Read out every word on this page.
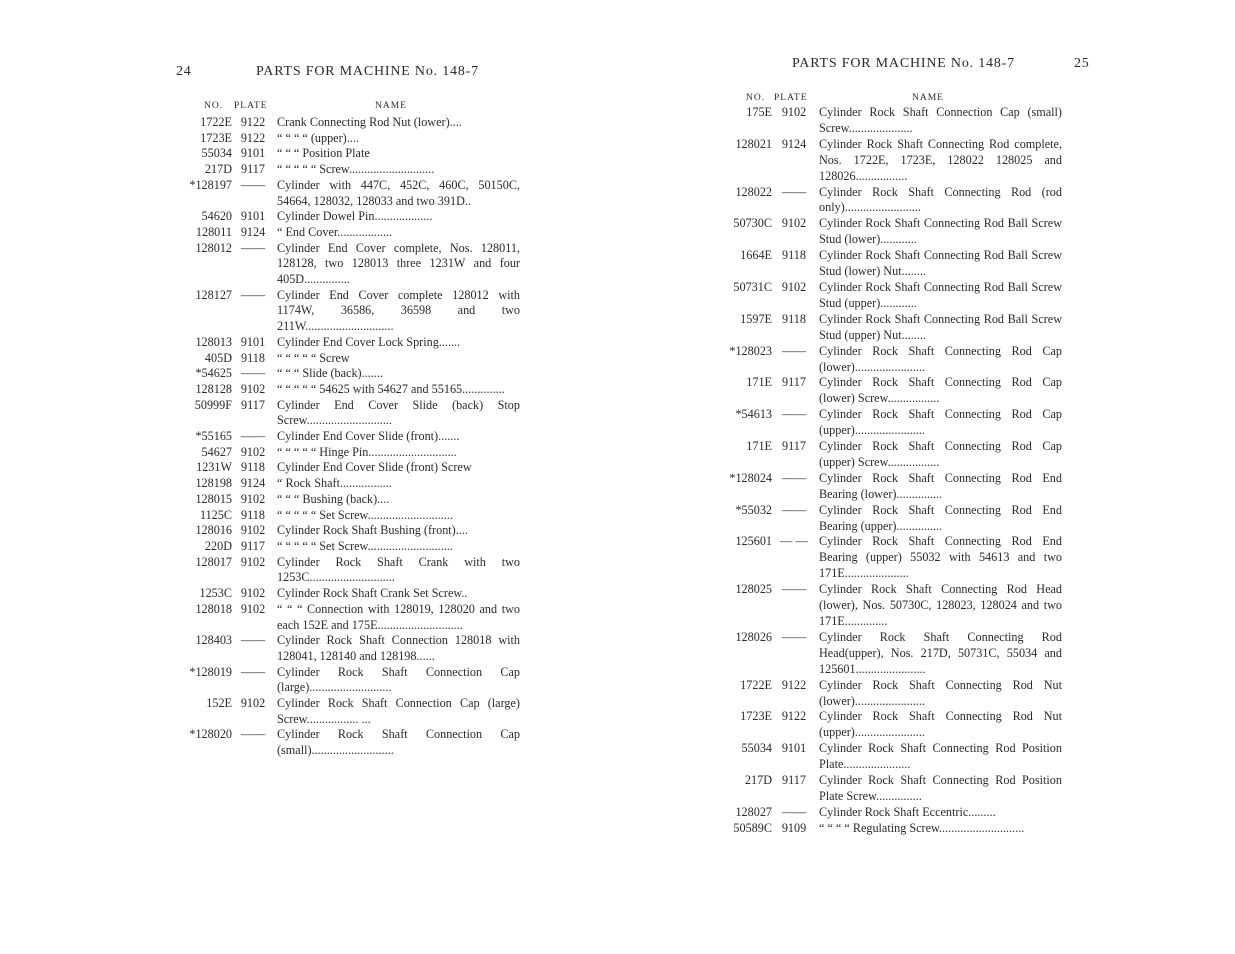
24	PARTS FOR MACHINE No. 148-7
NO. PLATE	NAME
1722E 9122 Crank Connecting Rod Nut (lower)....
1723E 9122 “ “ “ “ (upper)....
55034 9101 “ “ “ Position Plate
217D 9117 “ “ “ “ “ Screw............................
*128197 —— Cylinder with 447C, 452C, 460C, 50150C, 54664, 128032, 128033 and two 391D..
54620 9101 Cylinder Dowel Pin...................
128011 9124 “ End Cover..................
128012 —— Cylinder End Cover complete, Nos. 128011, 128128, two 128013 three 1231W and four 405D...............
128127 —— Cylinder End Cover complete 128012 with 1174W, 36586, 36598 and two 211W.............................
128013 9101 Cylinder End Cover Lock Spring.......
405D 9118 “ “ “ “ “ Screw
*54625 —— “ “ “ Slide (back).......
128128 9102 “ “ “ “ “ 54625 with 54627 and 55165..............
50999F 9117 Cylinder End Cover Slide (back) Stop Screw............................
*55165 —— Cylinder End Cover Slide (front).......
54627 9102 “ “ “ “ “ Hinge Pin.............................
1231W 9118 Cylinder End Cover Slide (front) Screw
128198 9124 “ Rock Shaft.................
128015 9102 “ “ “ Bushing (back)....
1125C 9118 “ “ “ “ “ Set Screw............................
128016 9102 Cylinder Rock Shaft Bushing (front)....
220D 9117 “ “ “ “ “ Set Screw............................
128017 9102 Cylinder Rock Shaft Crank with two 1253C............................
1253C 9102 Cylinder Rock Shaft Crank Set Screw..
128018 9102 “ “ “ Connection with 128019, 128020 and two each 152E and 175E............................
128403 —— Cylinder Rock Shaft Connection 128018 with 128041, 128140 and 128198......
*128019 —— Cylinder Rock Shaft Connection Cap (large)...........................
152E 9102 Cylinder Rock Shaft Connection Cap (large) Screw................. ...
*128020 —— Cylinder Rock Shaft Connection Cap (small)...........................
PARTS FOR MACHINE No. 148-7	25
NO. PLATE	NAME
175E 9102	Cylinder Rock Shaft Connection Cap (small) Screw.....................
128021 9124	Cylinder Rock Shaft Connecting Rod complete, Nos. 1722E, 1723E, 128022 128025 and 128026.................
128022 ——	Cylinder Rock Shaft Connecting Rod (rod only).........................
50730C 9102	Cylinder Rock Shaft Connecting Rod Ball Screw Stud (lower)............
1664E 9118	Cylinder Rock Shaft Connecting Rod Ball Screw Stud (lower) Nut........
50731C 9102	Cylinder Rock Shaft Connecting Rod Ball Screw Stud (upper)............
1597E 9118	Cylinder Rock Shaft Connecting Rod Ball Screw Stud (upper) Nut........
*128023 ——	Cylinder Rock Shaft Connecting Rod Cap (lower).......................
171E 9117	Cylinder Rock Shaft Connecting Rod Cap (lower) Screw.................
*54613 ——	Cylinder Rock Shaft Connecting Rod Cap (upper).......................
171E 9117	Cylinder Rock Shaft Connecting Rod Cap (upper) Screw.................
*128024 ——	Cylinder Rock Shaft Connecting Rod End Bearing (lower)...............
*55032 ——	Cylinder Rock Shaft Connecting Rod End Bearing (upper)...............
125601 — — Cylinder Rock Shaft Connecting Rod End Bearing (upper) 55032 with 54613 and two 171E.....................
128025 ——	Cylinder Rock Shaft Connecting Rod Head (lower), Nos. 50730C, 128023, 128024 and two 171E..............
128026 ——	Cylinder Rock Shaft Connecting Rod Head(upper), Nos. 217D, 50731C, 55034 and 125601.......................
1722E 9122	Cylinder Rock Shaft Connecting Rod Nut (lower).......................
1723E 9122	Cylinder Rock Shaft Connecting Rod Nut (upper).......................
55034 9101	Cylinder Rock Shaft Connecting Rod Position Plate......................
217D 9117	Cylinder Rock Shaft Connecting Rod Position Plate Screw...............
128027 ——	Cylinder Rock Shaft Eccentric.........
50589C 9109	“ “ “ “ Regulating Screw............................
